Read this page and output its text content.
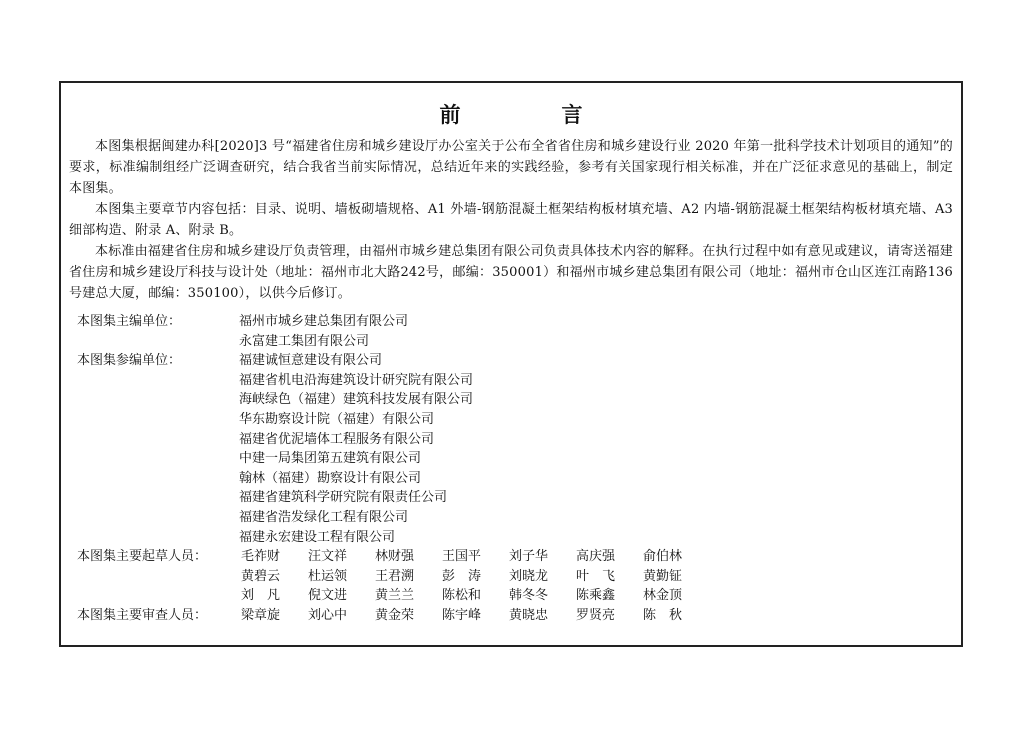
前　言

本图集根据闽建办科[2020]3 号“福建省住房和城乡建设厅办公室关于公布全省省住房和城乡建设行业 2020 年第一批科学技术计划项目的通知”的要求，标准编制组经广泛调查研究，结合我省当前实际情况，总结近年来的实践经验，参考有关国家现行相关标准，并在广泛征求意见的基础上，制定本图集。

本图集主要章节内容包括：目录、说明、墙板砌墙规格、A1 外墙-钢筋混凝土框架结构板材填充墙、A2 内墙-钢筋混凝土框架结构板材填充墙、A3 细部构造、附录 A、附录 B。

本标准由福建省住房和城乡建设厅负责管理，由福州市城乡建总集团有限公司负责具体技术内容的解释。在执行过程中如有意见或建议，请寄送福建省住房和城乡建设厅科技与设计处（地址：福州市北大路242号，邮编：350001）和福州市城乡建总集团有限公司（地址：福州市仓山区连江南路136号建总大厦，邮编：350100），以供今后修订。

本图集主编单位：	福州市城乡建总集团有限公司
永富建工集团有限公司
本图集参编单位：	福建诚恒意建设有限公司
福建省机电沿海建筑设计研究院有限公司
海峡绿色（福建）建筑科技发展有限公司
华东勘察设计院（福建）有限公司
福建省优泥墙体工程服务有限公司
中建一局集团第五建筑有限公司
翰林（福建）勘察设计有限公司
福建省建筑科学研究院有限责任公司
福建省浩发绿化工程有限公司
福建永宏建设工程有限公司
本图集主要起草人员：	毛祚财	汪文祥	林财强	王国平	刘子华	高庆强	俞伯林
黄碧云	杜运领	王君溯	彭　涛	刘晓龙	叶　飞	黄勤钲
刘　凡	倪文进	黄兰兰	陈松和	韩冬冬	陈乘鑫	林金顶
本图集主要审查人员：	梁章旋	刘心中	黄金荣	陈宇峰	黄晓忠	罗贤亮	陈　秋
